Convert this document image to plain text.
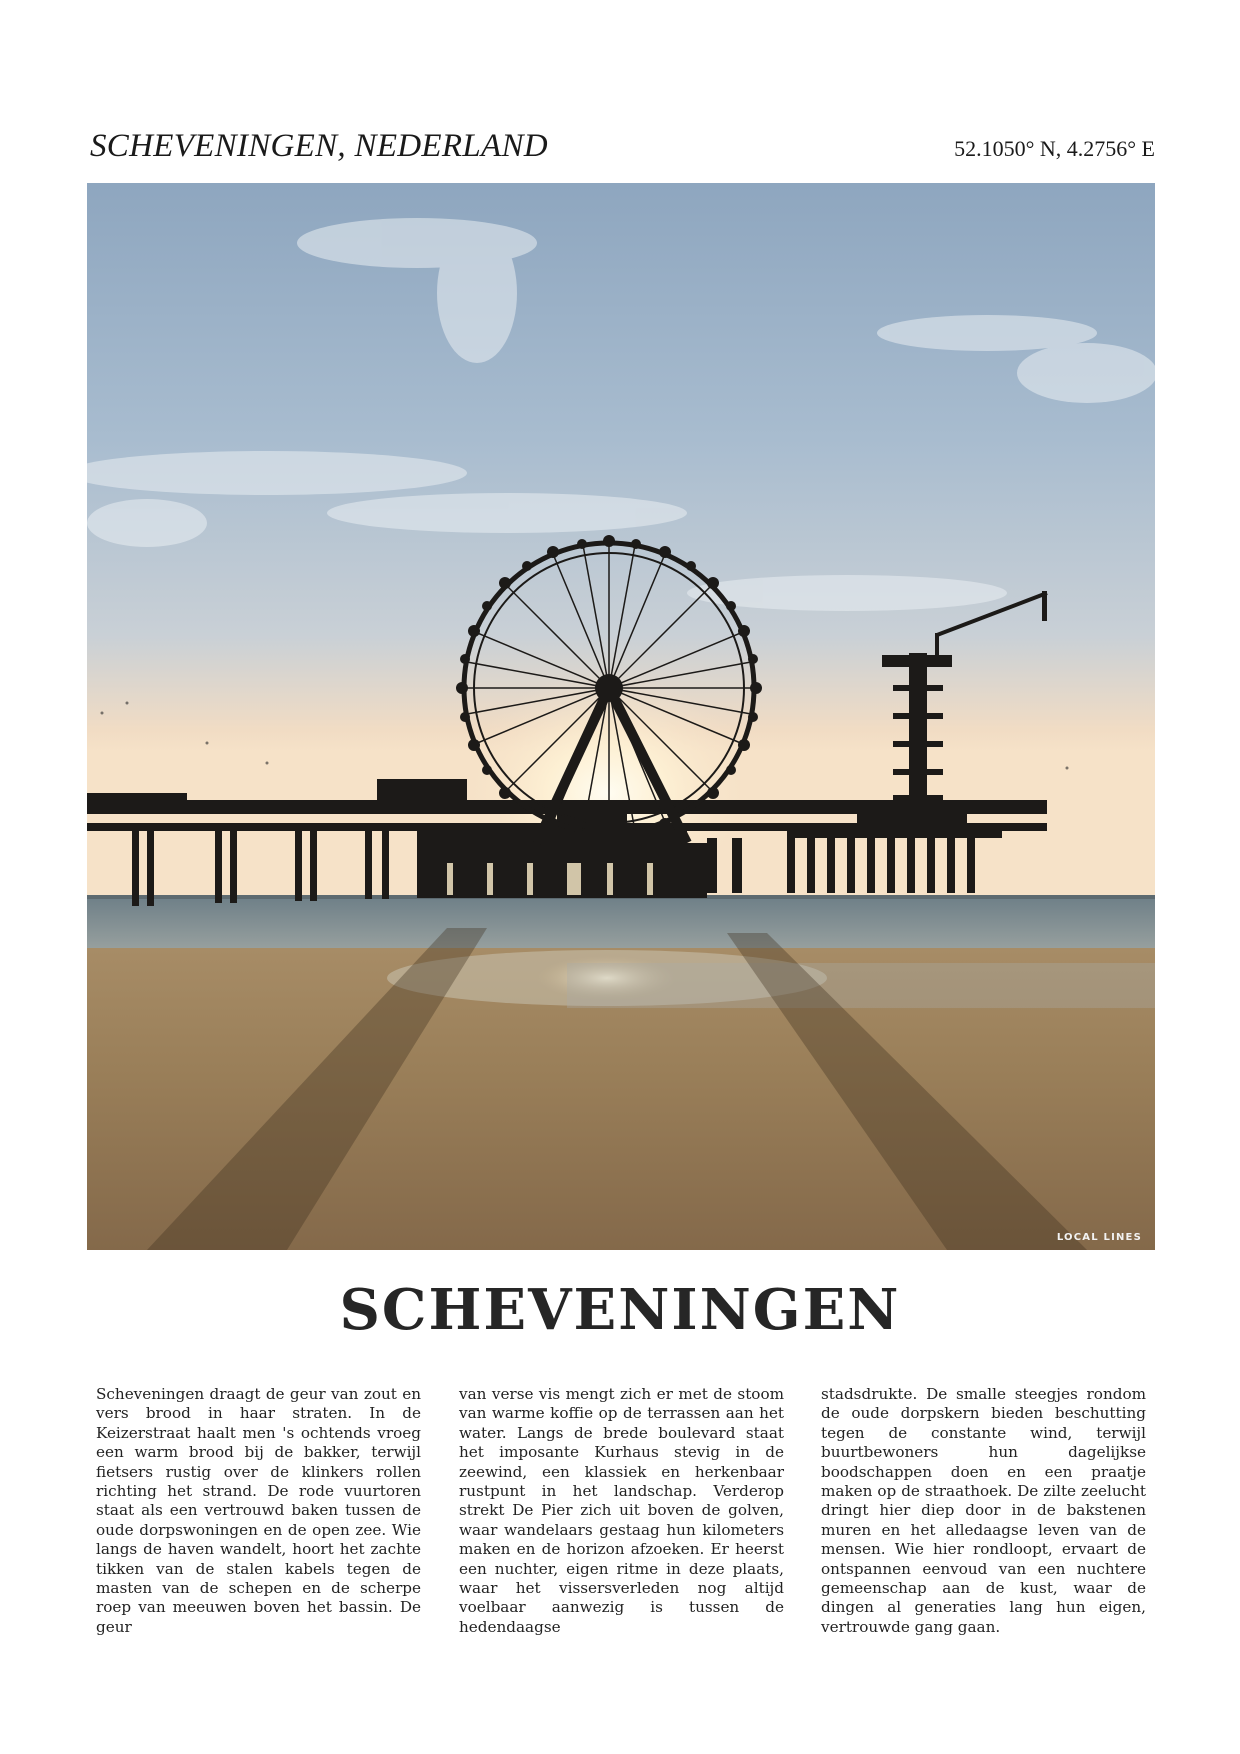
SCHEVENINGEN, NEDERLAND	52.1050° N, 4.2756° E
LOCAL LINES
SCHEVENINGEN
Scheveningen draagt de geur van zout en vers brood in haar straten. In de Keizerstraat haalt men 's ochtends vroeg een warm brood bij de bakker, terwijl fietsers rustig over de klinkers rollen richting het strand. De rode vuurtoren staat als een vertrouwd baken tussen de oude dorpswoningen en de open zee. Wie langs de haven wandelt, hoort het zachte tikken van de stalen kabels tegen de masten van de schepen en de scherpe roep van meeuwen boven het bassin. De geur
van verse vis mengt zich er met de stoom van warme koffie op de terrassen aan het water. Langs de brede boulevard staat het imposante Kurhaus stevig in de zeewind, een klassiek en herkenbaar rustpunt in het landschap. Verderop strekt De Pier zich uit boven de golven, waar wandelaars gestaag hun kilometers maken en de horizon afzoeken. Er heerst een nuchter, eigen ritme in deze plaats, waar het vissersverleden nog altijd voelbaar aanwezig is tussen de hedendaagse
stadsdrukte. De smalle steegjes rondom de oude dorpskern bieden beschutting tegen de constante wind, terwijl buurtbewoners hun dagelijkse boodschappen doen en een praatje maken op de straathoek. De zilte zeelucht dringt hier diep door in de bakstenen muren en het alledaagse leven van de mensen. Wie hier rondloopt, ervaart de ontspannen eenvoud van een nuchtere gemeenschap aan de kust, waar de dingen al generaties lang hun eigen, vertrouwde gang gaan.
